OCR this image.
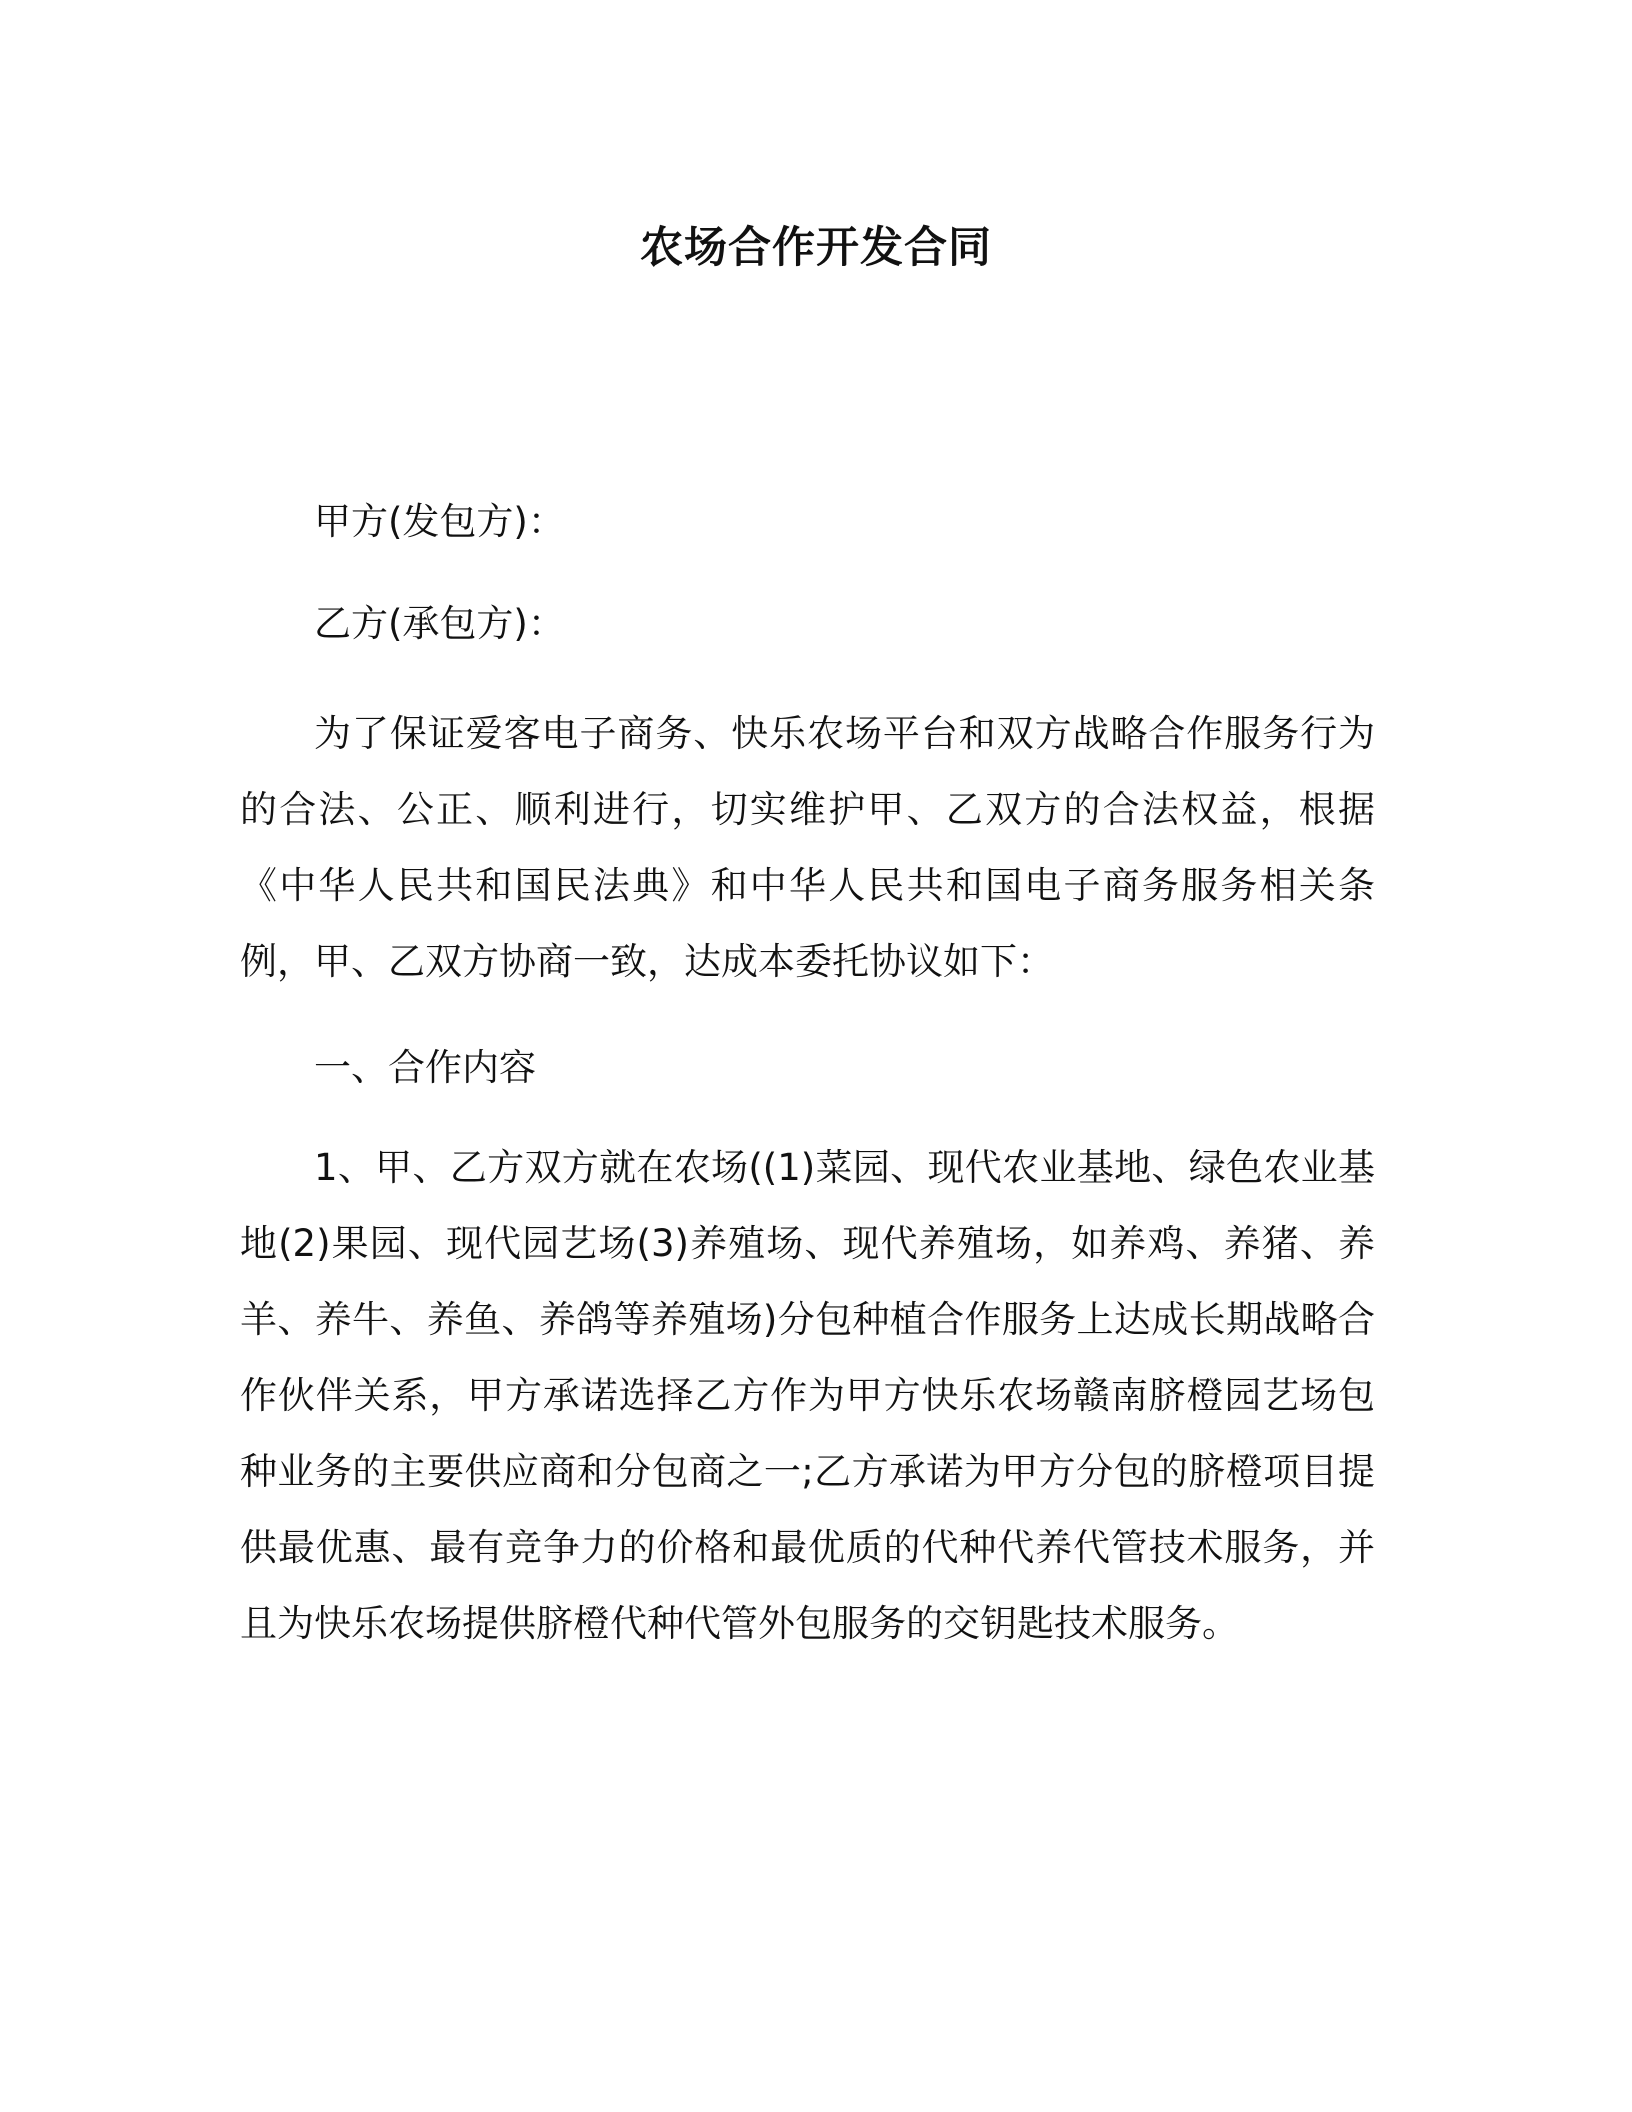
农场合作开发合同

甲方(发包方)：

乙方(承包方)：

为了保证爱客电子商务、快乐农场平台和双方战略合作服务行为的合法、公正、顺利进行，切实维护甲、乙双方的合法权益，根据《中华人民共和国民法典》和中华人民共和国电子商务服务相关条例，甲、乙双方协商一致，达成本委托协议如下：

一、合作内容

1、甲、乙方双方就在农场((1)菜园、现代农业基地、绿色农业基地(2)果园、现代园艺场(3)养殖场、现代养殖场，如养鸡、养猪、养羊、养牛、养鱼、养鸽等养殖场)分包种植合作服务上达成长期战略合作伙伴关系，甲方承诺选择乙方作为甲方快乐农场赣南脐橙园艺场包种业务的主要供应商和分包商之一;乙方承诺为甲方分包的脐橙项目提供最优惠、最有竞争力的价格和最优质的代种代养代管技术服务，并且为快乐农场提供脐橙代种代管外包服务的交钥匙技术服务。
